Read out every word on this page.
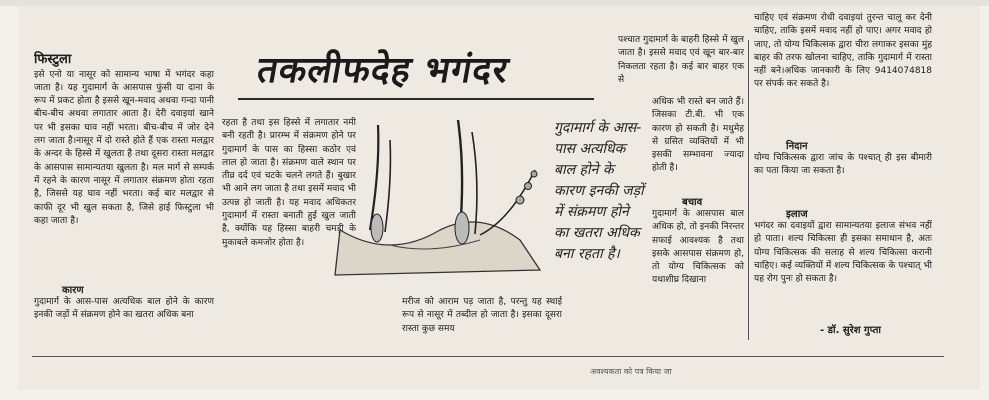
फिस्टुला
इसे एनो या नासूर को सामान्य भाषा में भगंदर कहा जाता है। यह गुदामार्ग के आसपास फुंसी या दाना के रूप में प्रकट होता है इससे खून-मवाद अथवा गन्दा पानी बीच-बीच अथवा लगातार आता है। देरी दवाइयां खाने पर भी इसका घाव नहीं भरता। बीच-बीच में जोर देने लग जाता है।नासूर में दो रास्ते होते हैं एक रास्ता मलद्वार के अन्दर के हिस्से में खुलता है तथा दूसरा रास्ता मलद्वार के आसपास सामान्यतया खुलता है। मल मार्ग से सम्पर्क में रहने के कारण नासूर में लगातार संक्रमण होता रहता है, जिससे यह घाव नहीं भरता। कई बार मलद्वार से काफी दूर भी खुल सकता है, जिसे हाई फिस्टुला भी कहा जाता है।

कारण
गुदामार्ग के आस-पास अत्यधिक बाल होने के कारण इनकी जड़ों में संक्रमण होने का खतरा अधिक बना
तकलीफदेह भगंदर
रहता है तथा इस हिस्से में लगातार नमी बनी रहती है। प्रारम्भ में संक्रमण होने पर गुदामार्ग के पास का हिस्सा कठोर एवं लाल हो जाता है। संक्रमण वाले स्थान पर तीव्र दर्द एवं चटके चलने लगते हैं। बुखार भी आने लग जाता है तथा इसमें मवाद भी उत्पन्न हो जाती है। यह मवाद अधिकतर गुदामार्ग में रास्ता बनाती हुई खुल जाती है, क्योंकि यह हिस्सा बाहरी चमड़ी के मुकाबले कमजोर होता है।
गुदामार्ग के आस-पास अत्यधिक बाल होने के कारण इनकी जड़ों में संक्रमण होने का खतरा अधिक बना रहता है।
मरीज को आराम पड़ जाता है, परन्तु यह स्थाई रूप से नासूर में तब्दील हो जाता है। इसका दूसरा रास्ता कुछ समय
पश्चात गुदामार्ग के बाहरी हिस्से में खुल जाता है। इससे मवाद एवं खून बार-बार निकलता रहता है। कई बार बाहर एक से
अधिक भी रास्ते बन जाते हैं। जिसका टी.बी. भी एक कारण हो सकती है। मधुमेह से ग्रसित व्यक्तियों में भी इसकी सम्भावना ज्यादा होती है।
बचाव
गुदामार्ग के आसपास बाल अधिक हो, तो इनकी निरन्तर सफाई आवश्यक है तथा इसके आसपास संक्रमण हो, तो योग्य चिकित्सक को यथाशीघ्र दिखाना
चाहिए एवं संक्रमण रोधी दवाइयां तुरन्त चालू कर देनी चाहिए, ताकि इसमें मवाद नहीं हो पाए। अगर मवाद हो जाए, तो योग्य चिकित्सक द्वारा चीरा लगाकर इसका मुंह बाहर की तरफ खोलना चाहिए, ताकि गुदामार्ग में रास्ता नहीं बने।अधिक जानकारी के लिए 9414074818 पर संपर्क कर सकते है।
निदान
योग्य चिकित्सक द्वारा जांच के पश्चात् ही इस बीमारी का पता किया जा सकता है।
इलाज
भगंदर का दवाइयों द्वारा सामान्यतया इलाज संभव नहीं हो पाता। शल्य चिकित्सा ही इसका समाधान है, अतः योग्य चिकित्सक की सलाह से शल्य चिकित्सा करानी चाहिए। कई व्यक्तियों में शल्य चिकित्सक के पश्चात् भी यह रोग पुनः हो सकता है।
- डॉ. सुरेश गुप्ता
अवश्यकता को पत्र किया जा
